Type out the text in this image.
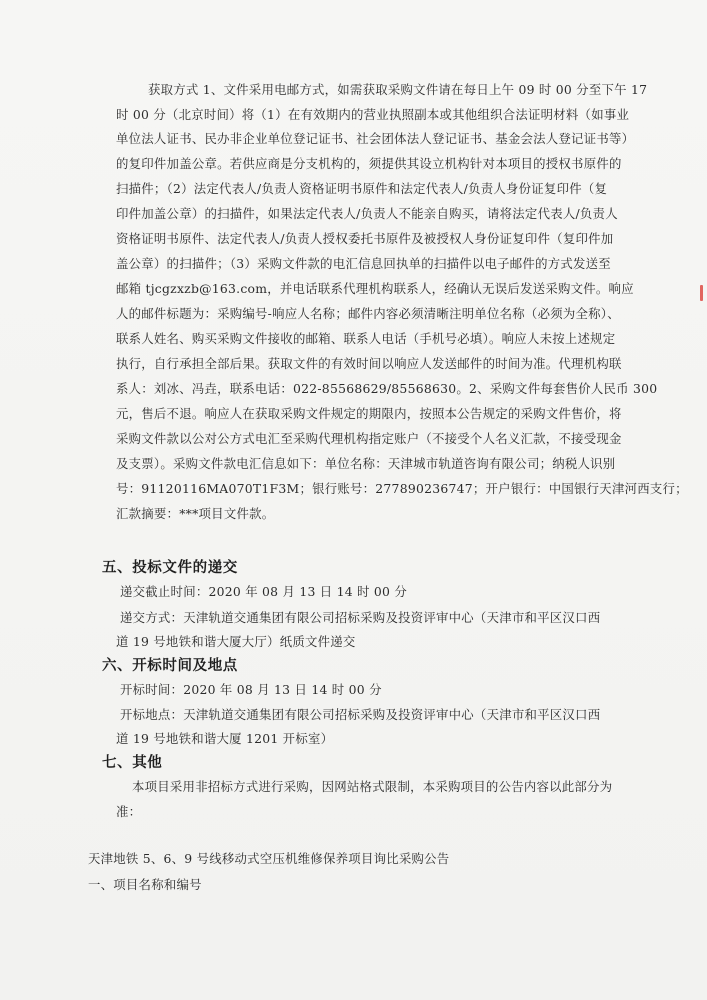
获取方式 1、文件采用电邮方式，如需获取采购文件请在每日上午 09 时 00 分至下午 17
时 00 分（北京时间）将（1）在有效期内的营业执照副本或其他组织合法证明材料（如事业
单位法人证书、民办非企业单位登记证书、社会团体法人登记证书、基金会法人登记证书等）
的复印件加盖公章。若供应商是分支机构的，须提供其设立机构针对本项目的授权书原件的
扫描件；（2）法定代表人/负责人资格证明书原件和法定代表人/负责人身份证复印件（复
印件加盖公章）的扫描件，如果法定代表人/负责人不能亲自购买，请将法定代表人/负责人
资格证明书原件、法定代表人/负责人授权委托书原件及被授权人身份证复印件（复印件加
盖公章）的扫描件；（3）采购文件款的电汇信息回执单的扫描件以电子邮件的方式发送至
邮箱 tjcgzxzb@163.com，并电话联系代理机构联系人，经确认无误后发送采购文件。响应
人的邮件标题为：采购编号-响应人名称；邮件内容必须清晰注明单位名称（必须为全称）、
联系人姓名、购买采购文件接收的邮箱、联系人电话（手机号必填）。响应人未按上述规定
执行，自行承担全部后果。获取文件的有效时间以响应人发送邮件的时间为准。代理机构联
系人：刘冰、冯垚，联系电话：022-85568629/85568630。2、采购文件每套售价人民币 300
元，售后不退。响应人在获取采购文件规定的期限内，按照本公告规定的采购文件售价，将
采购文件款以公对公方式电汇至采购代理机构指定账户（不接受个人名义汇款，不接受现金
及支票）。采购文件款电汇信息如下：单位名称：天津城市轨道咨询有限公司；纳税人识别
号：91120116MA070T1F3M；银行账号：277890236747；开户银行：中国银行天津河西支行；
汇款摘要：***项目文件款。
五、投标文件的递交
递交截止时间：2020 年 08 月 13 日 14 时 00 分
递交方式：天津轨道交通集团有限公司招标采购及投资评审中心（天津市和平区汉口西
道 19 号地铁和谐大厦大厅）纸质文件递交
六、开标时间及地点
开标时间：2020 年 08 月 13 日 14 时 00 分
开标地点：天津轨道交通集团有限公司招标采购及投资评审中心（天津市和平区汉口西
道 19 号地铁和谐大厦 1201 开标室）
七、其他
本项目采用非招标方式进行采购，因网站格式限制，本采购项目的公告内容以此部分为
准：
天津地铁 5、6、9 号线移动式空压机维修保养项目询比采购公告
一、项目名称和编号
